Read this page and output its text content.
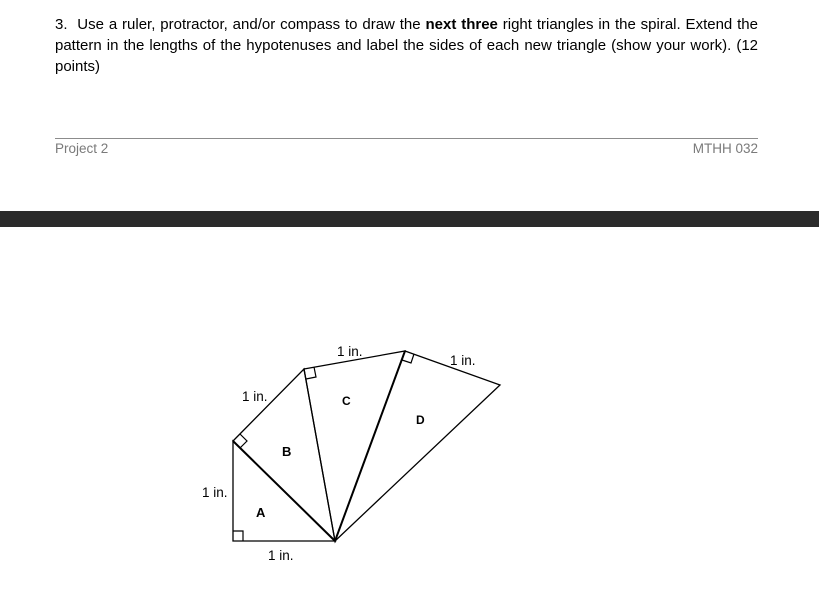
3. Use a ruler, protractor, and/or compass to draw the next three right triangles in the spiral. Extend the pattern in the lengths of the hypotenuses and label the sides of each new triangle (show your work). (12 points)

Project 2	MTHH 032
1 in.
1 in.
1 in.
1 in.
1 in.
A
B
C
D
